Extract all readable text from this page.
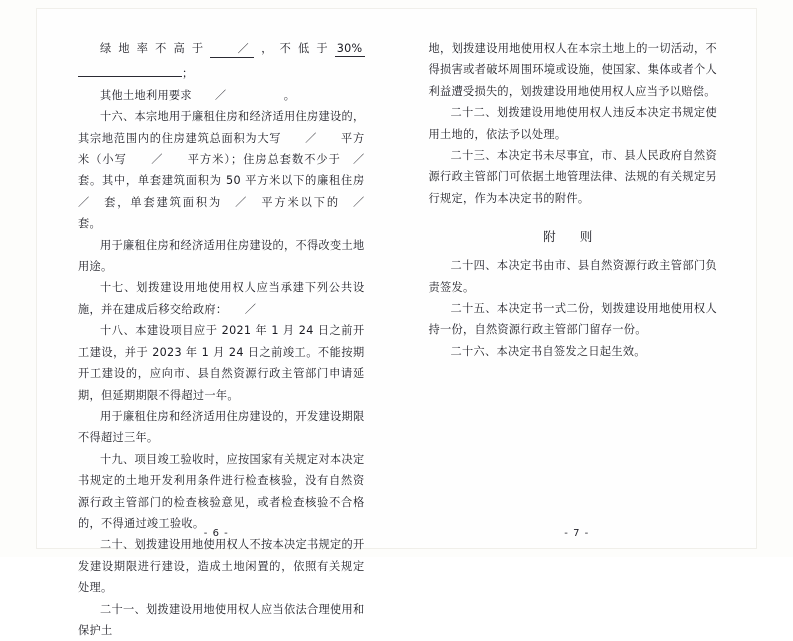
绿地率不高于 ／ ，不低于 30%；

其他土地利用要求　　／　　　　　。

十六、本宗地用于廉租住房和经济适用住房建设的，其宗地范围内的住房建筑总面积为大写　　／　　平方米（小写　　／　　平方米）；住房总套数不少于　／　套。其中，单套建筑面积为 50 平方米以下的廉租住房　／　套，单套建筑面积为　／　平方米以下的　／　套。

用于廉租住房和经济适用住房建设的，不得改变土地用途。

十七、划拨建设用地使用权人应当承建下列公共设施，并在建成后移交给政府：　　／　　　

十八、本建设项目应于 2021 年 1 月 24 日之前开工建设，并于 2023 年 1 月 24 日之前竣工。不能按期开工建设的，应向市、县自然资源行政主管部门申请延期，但延期期限不得超过一年。

用于廉租住房和经济适用住房建设的，开发建设期限不得超过三年。

十九、项目竣工验收时，应按国家有关规定对本决定书规定的土地开发利用条件进行检查核验，没有自然资源行政主管部门的检查核验意见，或者检查核验不合格的，不得通过竣工验收。

二十、划拨建设用地使用权人不按本决定书规定的开发建设期限进行建设，造成土地闲置的，依照有关规定处理。

二十一、划拨建设用地使用权人应当依法合理使用和保护土

- 6 -

地，划拨建设用地使用权人在本宗土地上的一切活动，不得损害或者破坏周围环境或设施，使国家、集体或者个人利益遭受损失的，划拨建设用地使用权人应当予以赔偿。

二十二、划拨建设用地使用权人违反本决定书规定使用土地的，依法予以处理。

二十三、本决定书未尽事宜，市、县人民政府自然资源行政主管部门可依据土地管理法律、法规的有关规定另行规定，作为本决定书的附件。

附 则

二十四、本决定书由市、县自然资源行政主管部门负责签发。

二十五、本决定书一式二份，划拨建设用地使用权人持一份，自然资源行政主管部门留存一份。

二十六、本决定书自签发之日起生效。

- 7 -
